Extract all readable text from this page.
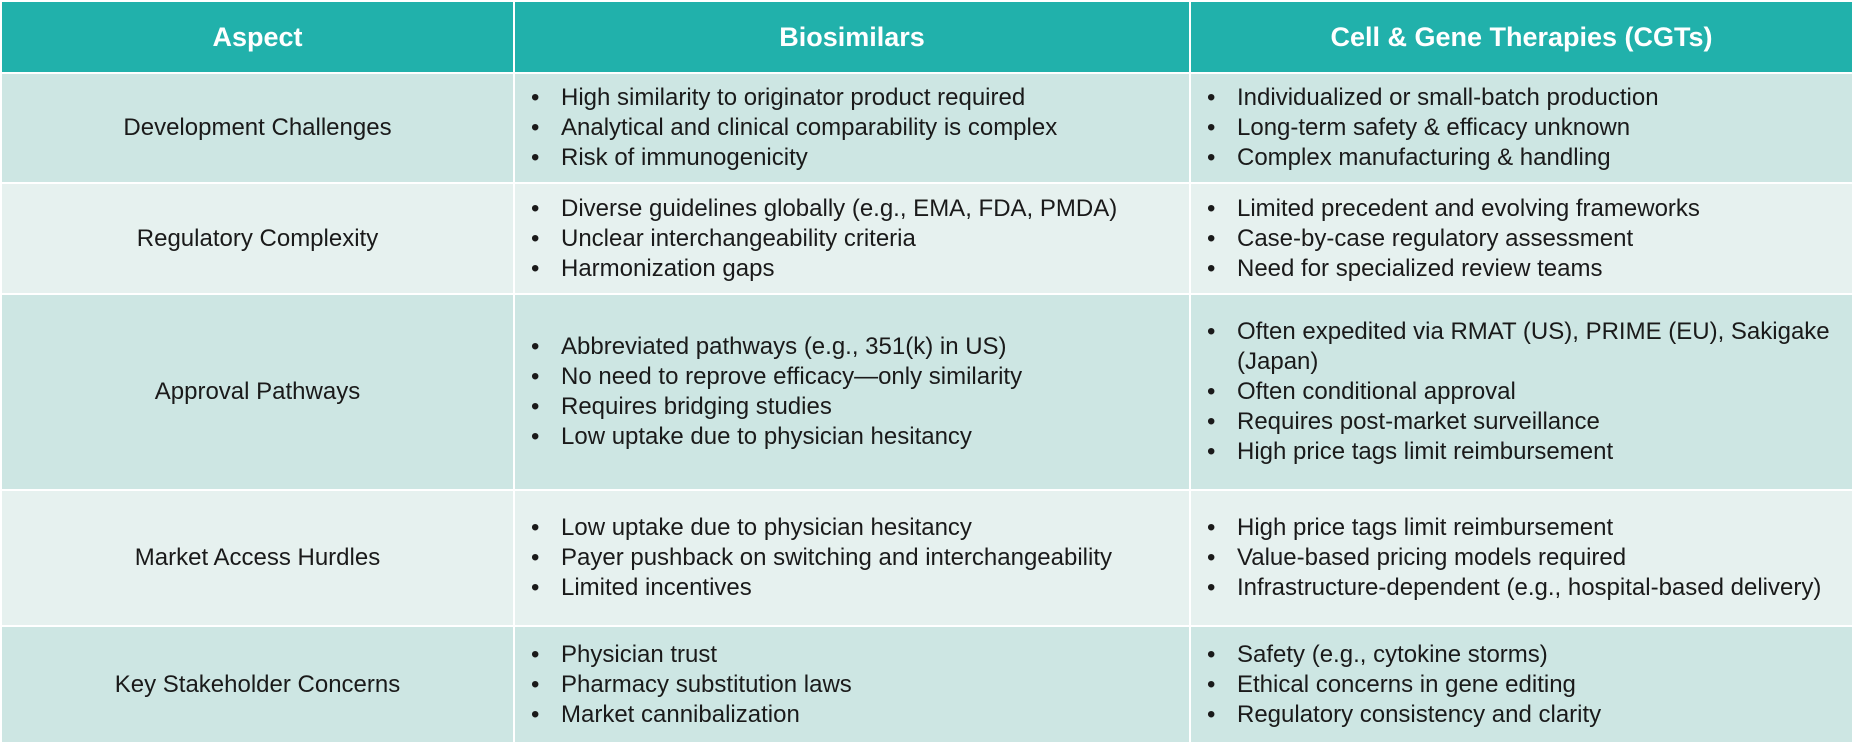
Aspect	Biosimilars	Cell & Gene Therapies (CGTs)
Development Challenges
• High similarity to originator product required
• Analytical and clinical comparability is complex
• Risk of immunogenicity
• Individualized or small-batch production
• Long-term safety & efficacy unknown
• Complex manufacturing & handling
Regulatory Complexity
• Diverse guidelines globally (e.g., EMA, FDA, PMDA)
• Unclear interchangeability criteria
• Harmonization gaps
• Limited precedent and evolving frameworks
• Case-by-case regulatory assessment
• Need for specialized review teams
Approval Pathways
• Abbreviated pathways (e.g., 351(k) in US)
• No need to reprove efficacy—only similarity
• Requires bridging studies
• Low uptake due to physician hesitancy
• Often expedited via RMAT (US), PRIME (EU), Sakigake (Japan)
• Often conditional approval
• Requires post-market surveillance
• High price tags limit reimbursement
Market Access Hurdles
• Low uptake due to physician hesitancy
• Payer pushback on switching and interchangeability
• Limited incentives
• High price tags limit reimbursement
• Value-based pricing models required
• Infrastructure-dependent (e.g., hospital-based delivery)
Key Stakeholder Concerns
• Physician trust
• Pharmacy substitution laws
• Market cannibalization
• Safety (e.g., cytokine storms)
• Ethical concerns in gene editing
• Regulatory consistency and clarity
